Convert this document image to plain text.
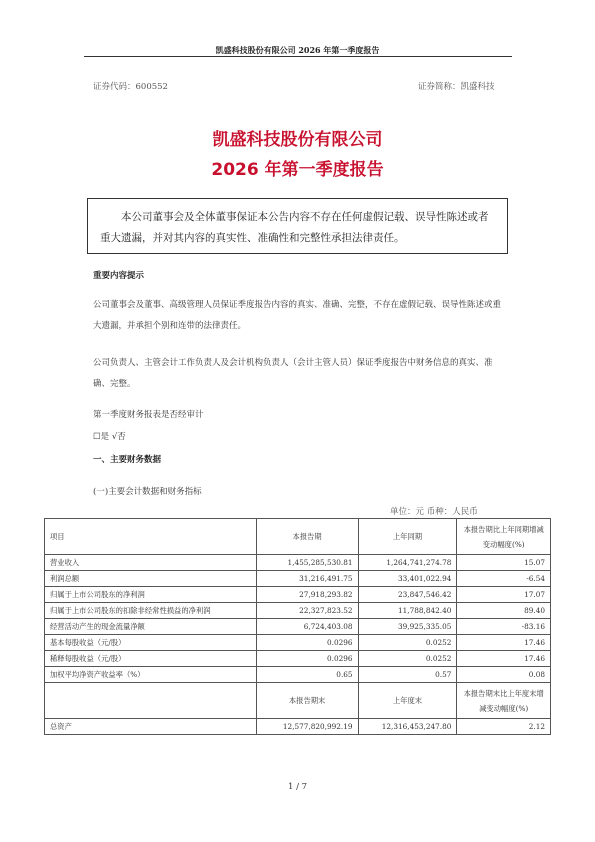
凯盛科技股份有限公司 2026 年第一季度报告
证券代码：600552	证券简称：凯盛科技
凯盛科技股份有限公司
2026 年第一季度报告
本公司董事会及全体董事保证本公告内容不存在任何虚假记载、误导性陈述或者重大遗漏，并对其内容的真实性、准确性和完整性承担法律责任。
重要内容提示
公司董事会及董事、高级管理人员保证季度报告内容的真实、准确、完整，不存在虚假记载、误导性陈述或重大遗漏，并承担个别和连带的法律责任。
公司负责人、主管会计工作负责人及会计机构负责人（会计主管人员）保证季度报告中财务信息的真实、准确、完整。
第一季度财务报表是否经审计
☐是 √否
一、主要财务数据
(一)主要会计数据和财务指标
单位：元 币种：人民币
项目	本报告期	上年同期	本报告期比上年同期增减变动幅度(%)
营业收入	1,455,285,530.81	1,264,741,274.78	15.07
利润总额	31,216,491.75	33,401,022.94	-6.54
归属于上市公司股东的净利润	27,918,293.82	23,847,546.42	17.07
归属于上市公司股东的扣除非经常性损益的净利润	22,327,823.52	11,788,842.40	89.40
经营活动产生的现金流量净额	6,724,403.08	39,925,335.05	-83.16
基本每股收益（元/股）	0.0296	0.0252	17.46
稀释每股收益（元/股）	0.0296	0.0252	17.46
加权平均净资产收益率（%）	0.65	0.57	0.08
	本报告期末	上年度末	本报告期末比上年度末增减变动幅度(%)
总资产	12,577,820,992.19	12,316,453,247.80	2.12
1 / 7
